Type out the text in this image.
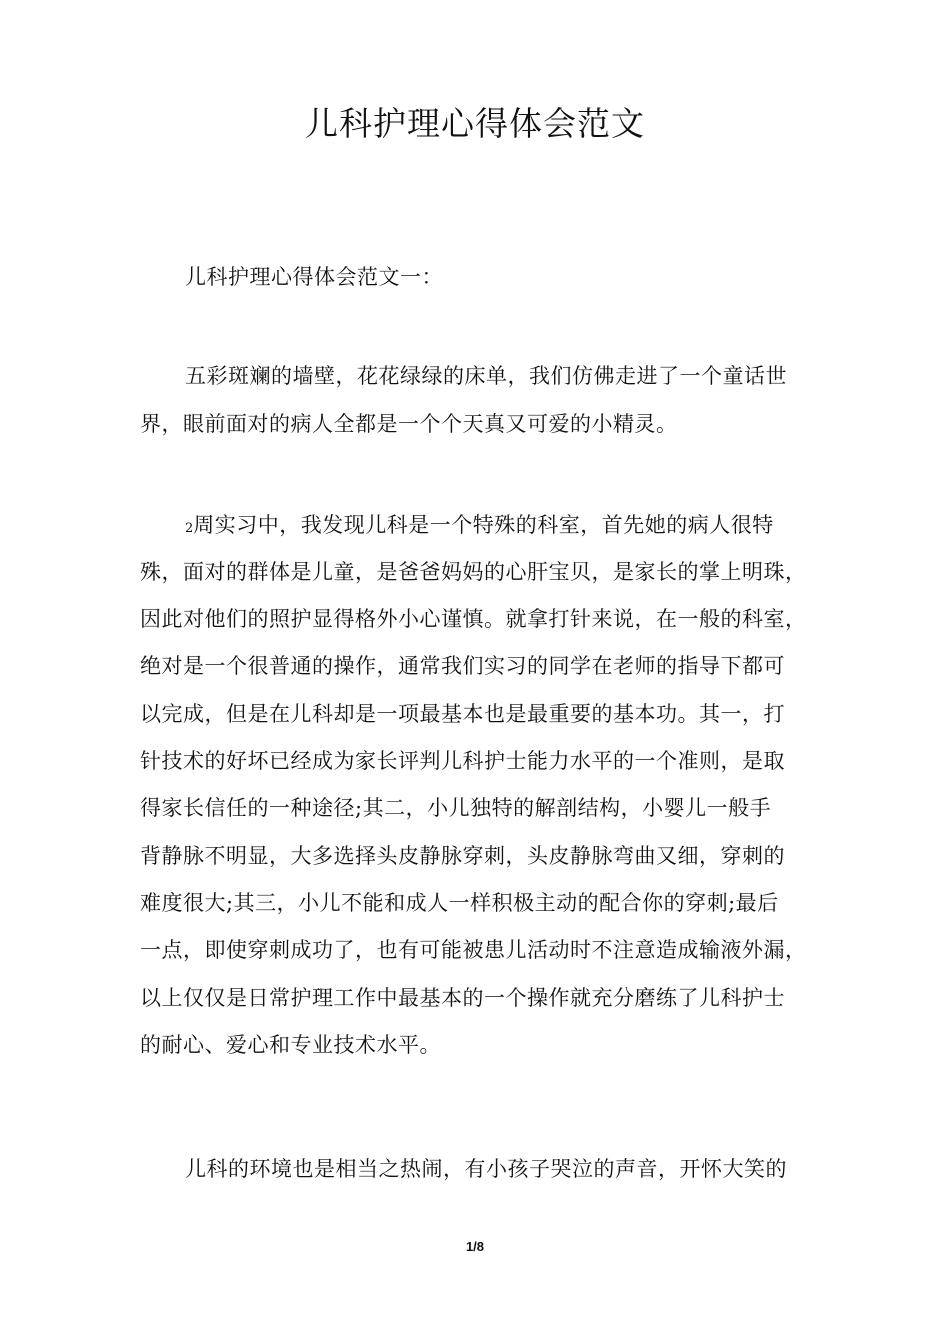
儿科护理心得体会范文
儿科护理心得体会范文一：
五彩斑斓的墙壁，花花绿绿的床单，我们仿佛走进了一个童话世
界，眼前面对的病人全都是一个个天真又可爱的小精灵。
2周实习中，我发现儿科是一个特殊的科室，首先她的病人很特
殊，面对的群体是儿童，是爸爸妈妈的心肝宝贝，是家长的掌上明珠，
因此对他们的照护显得格外小心谨慎。就拿打针来说，在一般的科室，
绝对是一个很普通的操作，通常我们实习的同学在老师的指导下都可
以完成，但是在儿科却是一项最基本也是最重要的基本功。其一，打
针技术的好坏已经成为家长评判儿科护士能力水平的一个准则，是取
得家长信任的一种途径;其二，小儿独特的解剖结构，小婴儿一般手
背静脉不明显，大多选择头皮静脉穿刺，头皮静脉弯曲又细，穿刺的
难度很大;其三，小儿不能和成人一样积极主动的配合你的穿刺;最后
一点，即使穿刺成功了，也有可能被患儿活动时不注意造成输液外漏，
以上仅仅是日常护理工作中最基本的一个操作就充分磨练了儿科护士
的耐心、爱心和专业技术水平。
儿科的环境也是相当之热闹，有小孩子哭泣的声音，开怀大笑的
1/8
